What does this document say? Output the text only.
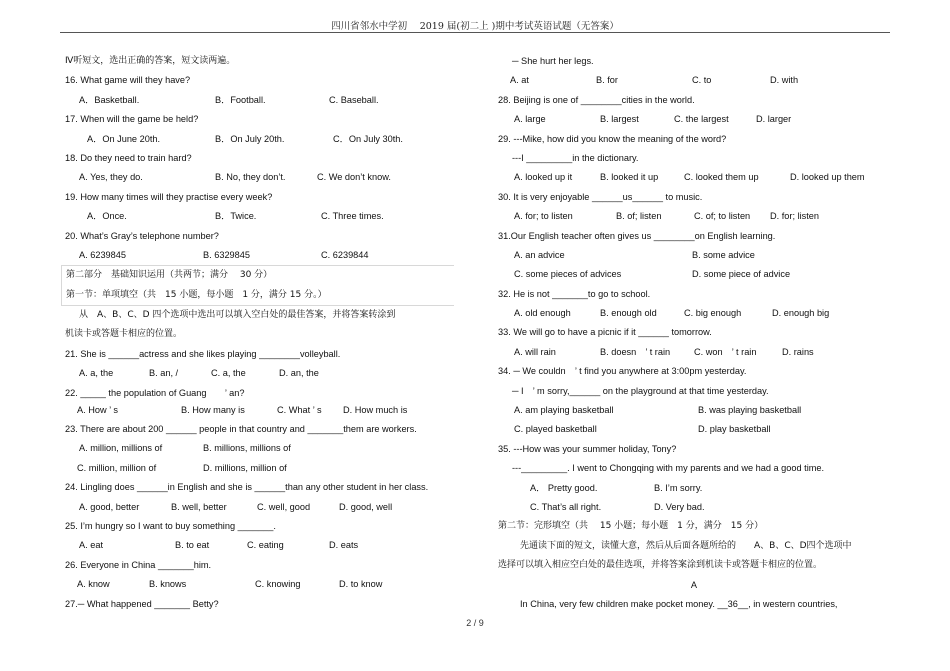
四川省邻水中学初　 2019 届(初二上 )期中考试英语试题（无答案）
Ⅳ听短文，选出正确的答案，短文读两遍。
16. What game will they have?
A．Basketball.	B．Football.	C. Baseball.
17. When will the game be held?
A．On June 20th.	B．On July 20th.	C．On July 30th.
18. Do they need to train hard?
A. Yes, they do.	B. No, they don’t.	C. We don’t know.
19. How many times will they practise every week?
A．Once.	B．Twice.	C. Three times.
20. What’s Gray’s telephone number?
A. 6239845	B. 6329845	C. 6239844
第二部分　基础知识运用（共两节；满分　 30 分）
第一节：单项填空（共　15 小题，每小题　1 分，满分 15 分。）
从　A、B、C、D 四个选项中选出可以填入空白处的最佳答案，并将答案转涂到
机读卡或答题卡相应的位置。
21. She is ______actress and she likes playing ________volleyball.
A. a, the	B. an, /	C. a, the	D. an, the
22. _____ the population of Guang　　’ an?
A. How ’ s	B. How many is	C. What ’ s D. How much is
23. There are about 200 ______ people in that country and _______them are workers.
A. million, millions of	B. millions, millions of
C. million, million of	D. millions, million of
24. Lingling does ______in English and she is ______than any other student in her class.
A. good, better	B. well, better	C. well, good	D. good, well
25. I’m hungry so I want to buy something _______.
A. eat	B. to eat	C. eating	D. eats
26. Everyone in China _______him.
A. know	B. knows	C. knowing	D. to know
27.─ What happened _______ Betty?
─ She hurt her legs.
A. at	B. for	C. to	D. with
28. Beijing is one of ________cities in the world.
A. large	B. largest	C. the largest	D. larger
29. ---Mike, how did you know the meaning of the word?
---I _________in the dictionary.
A. looked up it	B. looked it up	C. looked them up	D. looked up them
30. It is very enjoyable ______us______ to music.
A. for; to listen	B. of; listen	C. of; to listen D. for; listen
31.Our English teacher often gives us ________on English learning.
A. an advice	B. some advice
C. some pieces of advices	D. some piece of advice
32. He is not _______to go to school.
A. old enough	B. enough old	C. big enough	D. enough big
33. We will go to have a picnic if it ______ tomorrow.
A. will rain	B. doesn　’ t rain	C. won　’ t rain	D. rains
34. ─ We couldn　’ t find you anywhere at 3:00pm yesterday.
─ I　’ m sorry,______ on the playground at that time yesterday.
A. am playing basketball	B. was playing basketball
C. played basketball	D. play basketball
35. ---How was your summer holiday, Tony?
---_________. I went to Chongqing with my parents and we had a good time.
A． Pretty good.	B. I’m sorry.
C. That’s all right.	D. Very bad.
第二节：完形填空（共　 15 小题；每小题　1 分，满分　15 分）
先通读下面的短文，读懂大意，然后从后面各题所给的　　A、B、C、D四个选项中
选择可以填入相应空白处的最佳选项，并将答案涂到机读卡或答题卡相应的位置。
A
In China, very few children make pocket money. __36__, in western countries,
2 / 9
